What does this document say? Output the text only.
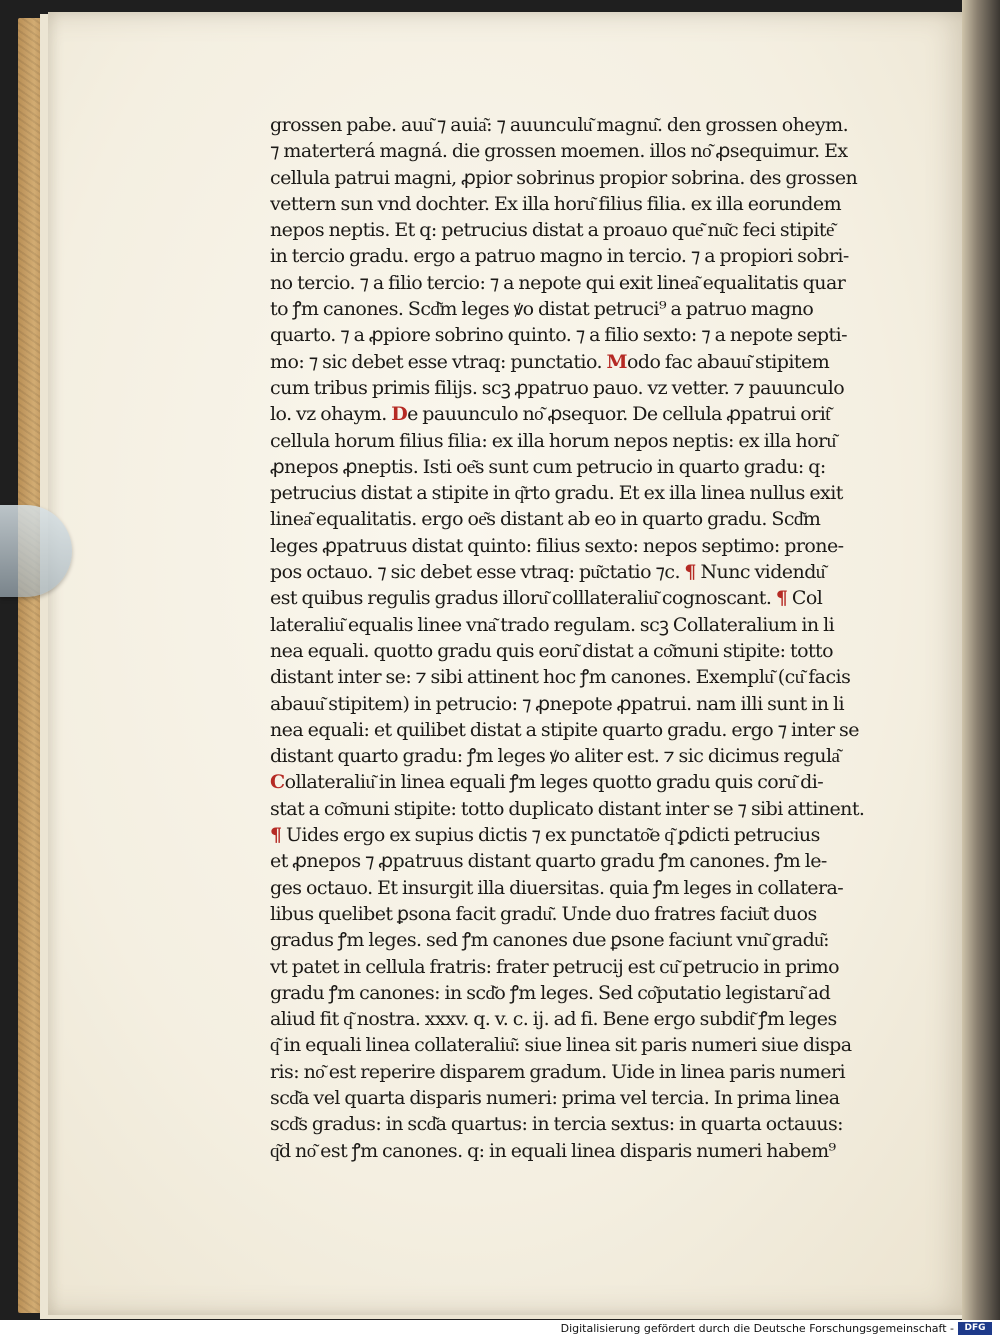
grossen pabe. auu͂ ⁊ auia͂: ⁊ auunculu͂ magnu͂. den grossen oheym.
⁊ materterá magná. die grossen moemen. illos no͂ ꝓsequimur. Ex
cellula patrui magni, ꝓpior sobrinus propior sobrina. des grossen
vettern sun vnd dochter. Ex illa horu͂ filius filia. ex illa eorundem
nepos neptis. Et q: petrucius distat a proauo que͂ nu͂c feci stipite͂
in tercio gradu. ergo a patruo magno in tercio. ⁊ a propiori sobri-
no tercio. ⁊ a filio tercio: ⁊ a nepote qui exit linea͂ equalitatis quar
to ꝭm canones. Scd͂m leges ꝟo distat petruci⁹ a patruo magno
quarto. ⁊ a ꝓpiore sobrino quinto. ⁊ a filio sexto: ⁊ a nepote septi-
mo: ⁊ sic debet esse vtraq: punctatio. Modo fac abauu͂ stipitem
cum tribus primis filijs. scꝫ ꝓpatruo pauo. vz vetter. ⁊ pauunculo
lo. vz ohaym. De pauunculo no͂ ꝓsequor. De cellula ꝓpatrui orit͂
cellula horum filius filia: ex illa horum nepos neptis: ex illa horu͂
ꝓnepos ꝓneptis. Isti oe͂s sunt cum petrucio in quarto gradu: q:
petrucius distat a stipite in q͂rto gradu. Et ex illa linea nullus exit
linea͂ equalitatis. ergo oe͂s distant ab eo in quarto gradu. Scd͂m
leges ꝓpatruus distat quinto: filius sexto: nepos septimo: prone-
pos octauo. ⁊ sic debet esse vtraq: pu͂ctatio ⁊c. ¶ Nunc videndu͂
est quibus regulis gradus illoru͂ colllateraliu͂ cognoscant. ¶ Col
lateraliu͂ equalis linee vna͂ trado regulam. scꝫ Collateralium in li
nea equali. quotto gradu quis eoru͂ distat a co͂muni stipite: totto
distant inter se: ⁊ sibi attinent hoc ꝭm canones. Exemplu͂ (cu͂ facis
abauu͂ stipitem) in petrucio: ⁊ ꝓnepote ꝓpatrui. nam illi sunt in li
nea equali: et quilibet distat a stipite quarto gradu. ergo ⁊ inter se
distant quarto gradu: ꝭm leges ꝟo aliter est. ⁊ sic dicimus regula͂
Collateraliu͂ in linea equali ꝭm leges quotto gradu quis coru͂ di-
stat a co͂muni stipite: totto duplicato distant inter se ⁊ sibi attinent.
¶ Uides ergo ex supius dictis ⁊ ex punctato͂e q͂ ꝑdicti petrucius
et ꝓnepos ⁊ ꝓpatruus distant quarto gradu ꝭm canones. ꝭm le-
ges octauo. Et insurgit illa diuersitas. quia ꝭm leges in collatera-
libus quelibet ꝑsona facit gradu͂. Unde duo fratres faciu͂t duos
gradus ꝭm leges. sed ꝭm canones due ꝑsone faciunt vnu͂ gradu͂:
vt patet in cellula fratris: frater petrucij est cu͂ petrucio in primo
gradu ꝭm canones: in scd͂o ꝭm leges. Sed co͂putatio legistaru͂ ad
aliud fit q͂ nostra. xxxv. q. v. c. ij. ad fi. Bene ergo subdit͂ ꝭm leges
q͂ in equali linea collateraliu͂: siue linea sit paris numeri siue dispa
ris: no͂ est reperire disparem gradum. Uide in linea paris numeri
scd͂a vel quarta disparis numeri: prima vel tercia. In prima linea
scd͂s gradus: in scd͂a quartus: in tercia sextus: in quarta octauus:
q͂d no͂ est ꝭm canones. q: in equali linea disparis numeri habem⁹
Digitalisierung gefördert durch die Deutsche Forschungsgemeinschaft -	DFG
